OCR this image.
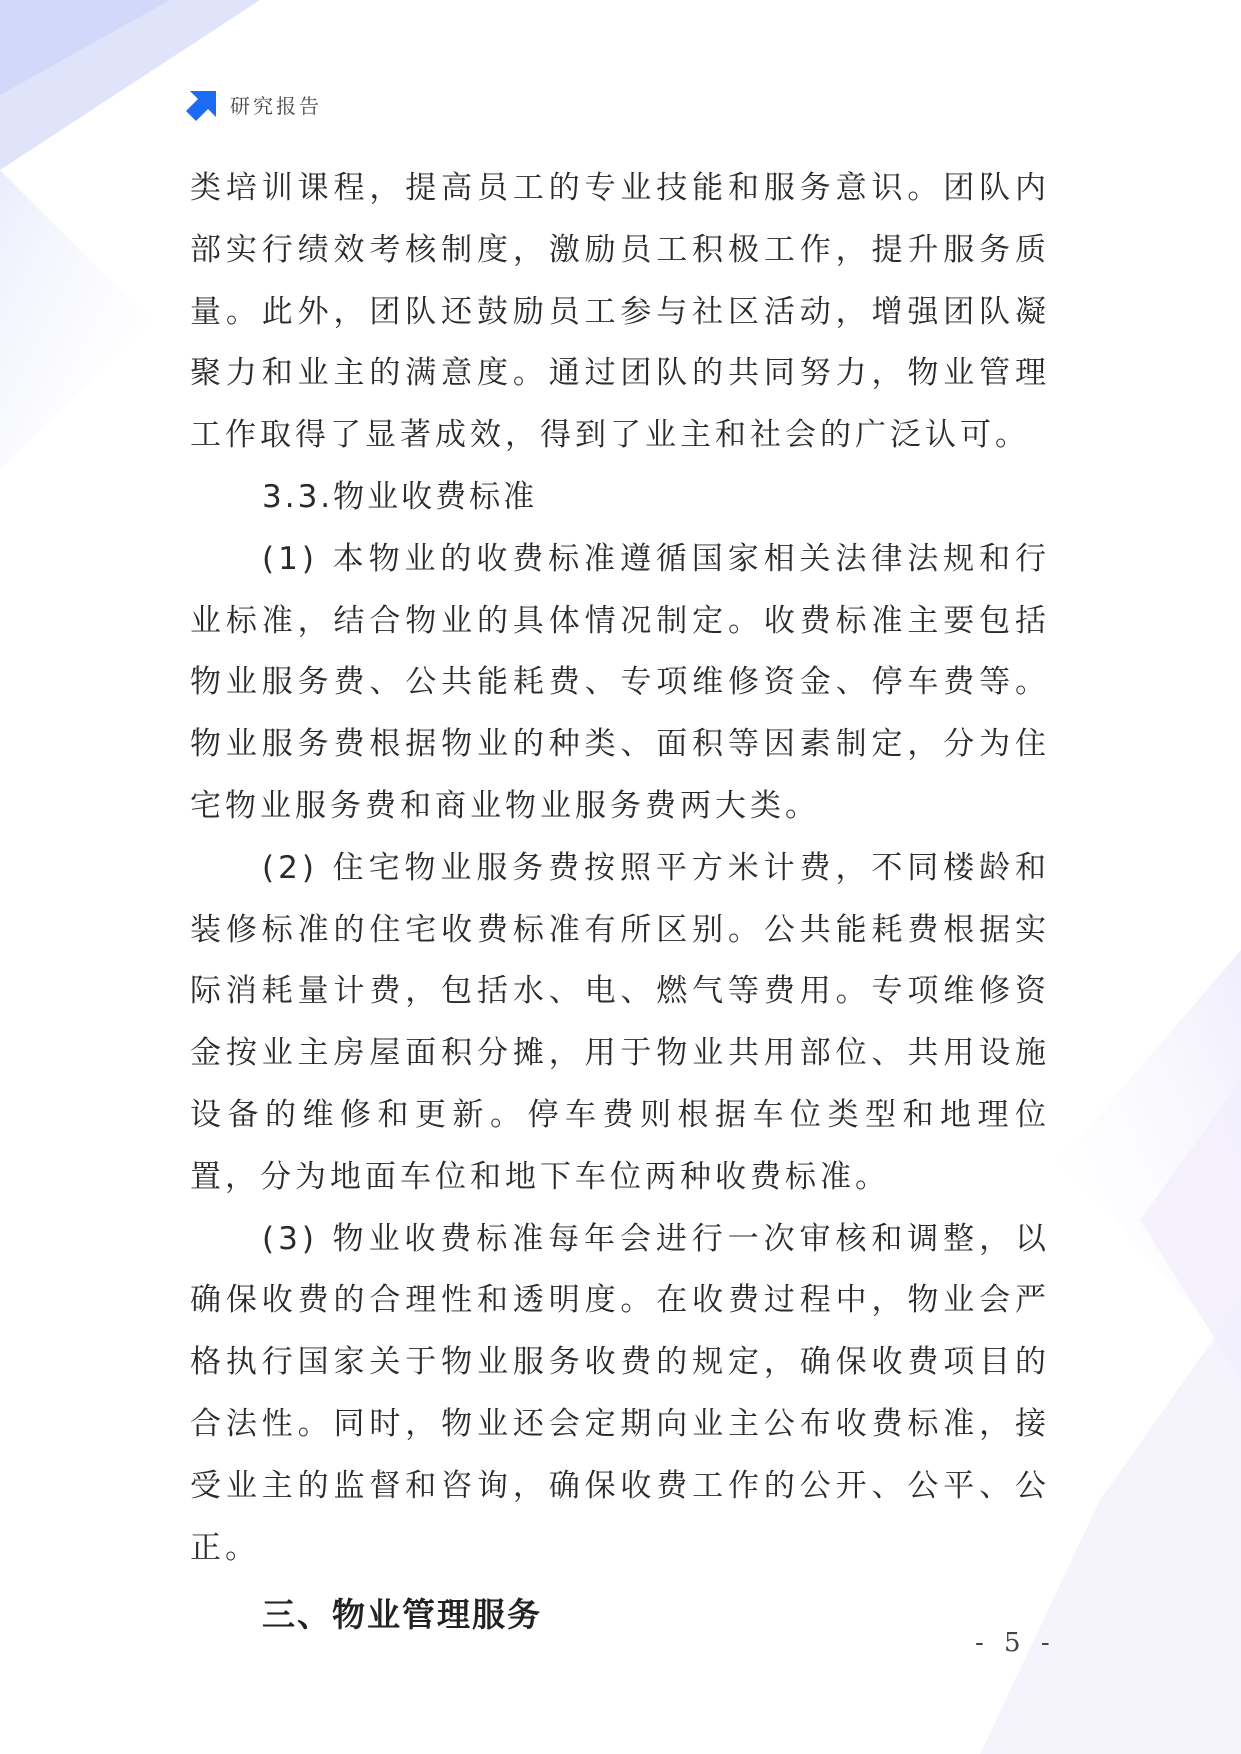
研究报告

类培训课程，提高员工的专业技能和服务意识。团队内部实行绩效考核制度，激励员工积极工作，提升服务质量。此外，团队还鼓励员工参与社区活动，增强团队凝聚力和业主的满意度。通过团队的共同努力，物业管理工作取得了显著成效，得到了业主和社会的广泛认可。

3.3.物业收费标准

(1) 本物业的收费标准遵循国家相关法律法规和行业标准，结合物业的具体情况制定。收费标准主要包括物业服务费、公共能耗费、专项维修资金、停车费等。物业服务费根据物业的种类、面积等因素制定，分为住宅物业服务费和商业物业服务费两大类。

(2) 住宅物业服务费按照平方米计费，不同楼龄和装修标准的住宅收费标准有所区别。公共能耗费根据实际消耗量计费，包括水、电、燃气等费用。专项维修资金按业主房屋面积分摊，用于物业共用部位、共用设施设备的维修和更新。停车费则根据车位类型和地理位置，分为地面车位和地下车位两种收费标准。

(3) 物业收费标准每年会进行一次审核和调整，以确保收费的合理性和透明度。在收费过程中，物业会严格执行国家关于物业服务收费的规定，确保收费项目的合法性。同时，物业还会定期向业主公布收费标准，接受业主的监督和咨询，确保收费工作的公开、公平、公正。

三、物业管理服务

- 5 -
